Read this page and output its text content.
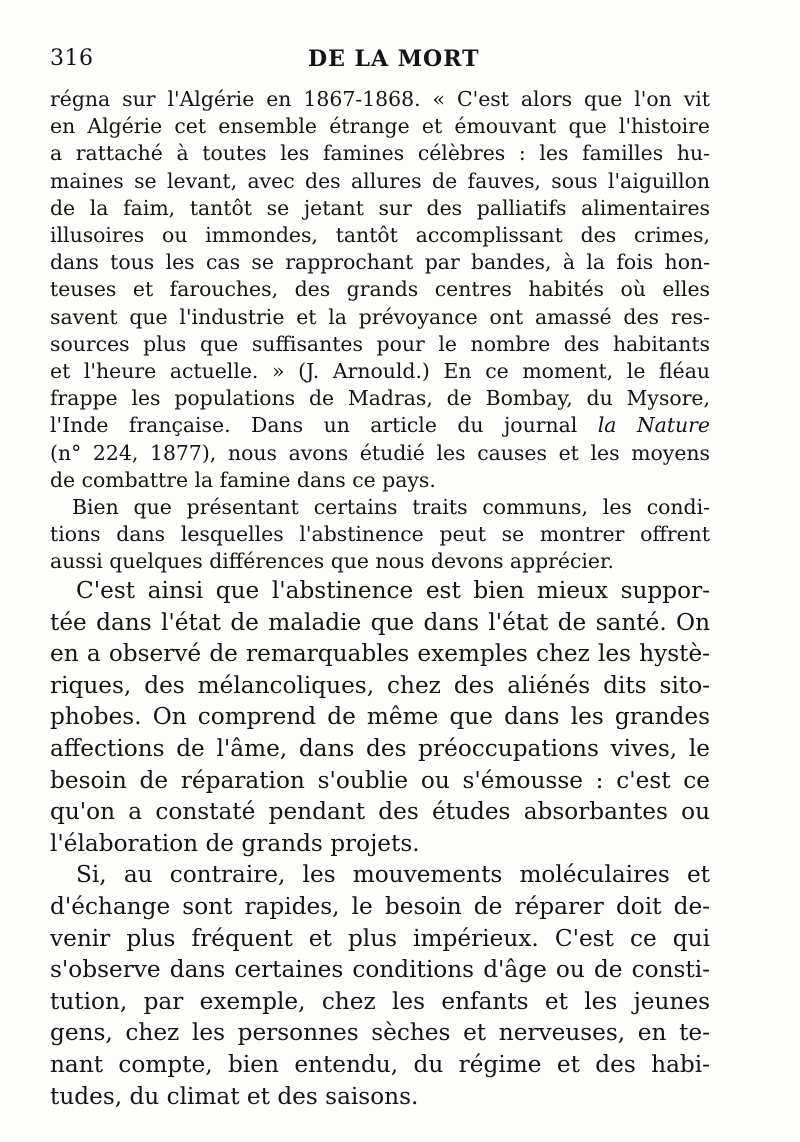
316	DE LA MORT
régna sur l'Algérie en 1867-1868. « C'est alors que l'on vit
en Algérie cet ensemble étrange et émouvant que l'histoire
a rattaché à toutes les famines célèbres : les familles hu-
maines se levant, avec des allures de fauves, sous l'aiguillon
de la faim, tantôt se jetant sur des palliatifs alimentaires
illusoires ou immondes, tantôt accomplissant des crimes,
dans tous les cas se rapprochant par bandes, à la fois hon-
teuses et farouches, des grands centres habités où elles
savent que l'industrie et la prévoyance ont amassé des res-
sources plus que suffisantes pour le nombre des habitants
et l'heure actuelle. » (J. Arnould.) En ce moment, le fléau
frappe les populations de Madras, de Bombay, du Mysore,
l'Inde française. Dans un article du journal la Nature
(n° 224, 1877), nous avons étudié les causes et les moyens
de combattre la famine dans ce pays.
Bien que présentant certains traits communs, les condi-
tions dans lesquelles l'abstinence peut se montrer offrent
aussi quelques différences que nous devons apprécier.
C'est ainsi que l'abstinence est bien mieux suppor-
tée dans l'état de maladie que dans l'état de santé. On
en a observé de remarquables exemples chez les hystè-
riques, des mélancoliques, chez des aliénés dits sito-
phobes. On comprend de même que dans les grandes
affections de l'âme, dans des préoccupations vives, le
besoin de réparation s'oublie ou s'émousse : c'est ce
qu'on a constaté pendant des études absorbantes ou
l'élaboration de grands projets.
Si, au contraire, les mouvements moléculaires et
d'échange sont rapides, le besoin de réparer doit de-
venir plus fréquent et plus impérieux. C'est ce qui
s'observe dans certaines conditions d'âge ou de consti-
tution, par exemple, chez les enfants et les jeunes
gens, chez les personnes sèches et nerveuses, en te-
nant compte, bien entendu, du régime et des habi-
tudes, du climat et des saisons.
